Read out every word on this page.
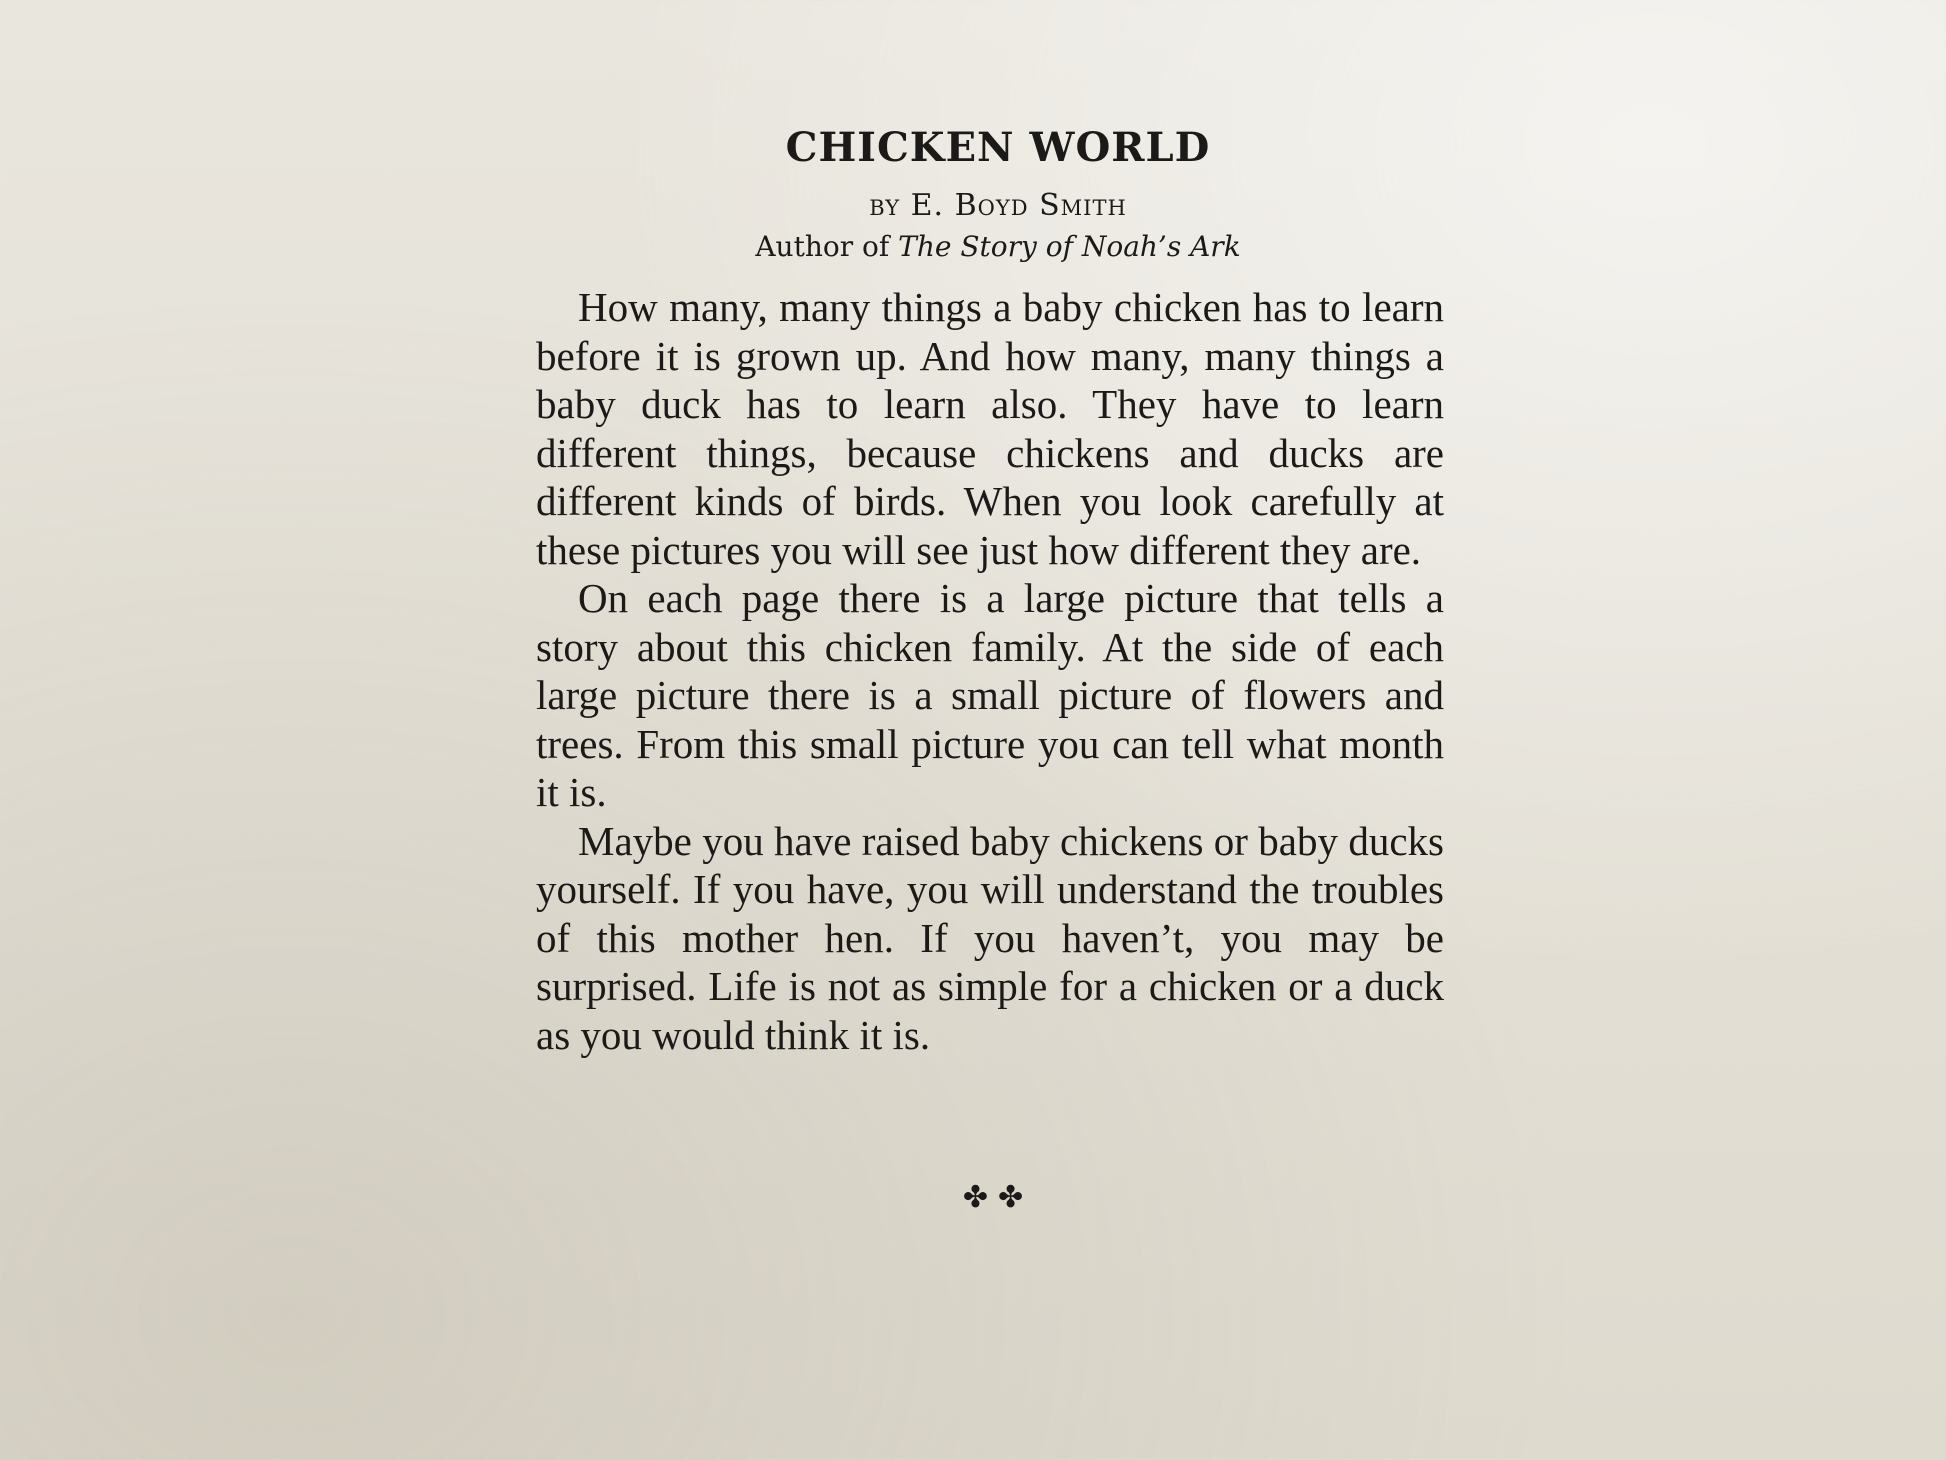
CHICKEN WORLD
by E. Boyd Smith
Author of The Story of Noah’s Ark

How many, many things a baby chicken has to learn before it is grown up. And how many, many things a baby duck has to learn also. They have to learn different things, because chickens and ducks are different kinds of birds. When you look carefully at these pictures you will see just how different they are.

On each page there is a large picture that tells a story about this chicken family. At the side of each large picture there is a small picture of flowers and trees. From this small picture you can tell what month it is.

Maybe you have raised baby chickens or baby ducks yourself. If you have, you will understand the troubles of this mother hen. If you haven’t, you may be surprised. Life is not as simple for a chicken or a duck as you would think it is.

✤✤
